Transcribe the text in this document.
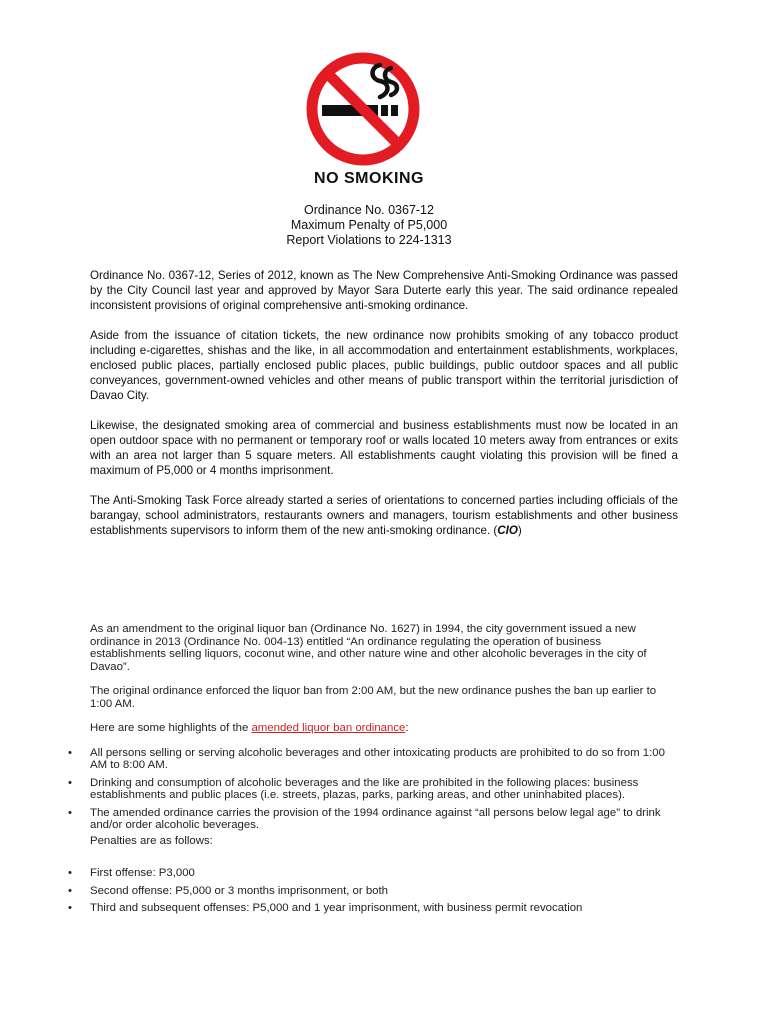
NO SMOKING
Ordinance No. 0367-12
Maximum Penalty of P5,000
Report Violations to 224-1313

Ordinance No. 0367-12, Series of 2012, known as The New Comprehensive Anti-Smoking Ordinance was passed by the City Council last year and approved by Mayor Sara Duterte early this year. The said ordinance repealed inconsistent provisions of original comprehensive anti-smoking ordinance.

Aside from the issuance of citation tickets, the new ordinance now prohibits smoking of any tobacco product including e-cigarettes, shishas and the like, in all accommodation and entertainment establishments, workplaces, enclosed public places, partially enclosed public places, public buildings, public outdoor spaces and all public conveyances, government-owned vehicles and other means of public transport within the territorial jurisdiction of Davao City.

Likewise, the designated smoking area of commercial and business establishments must now be located in an open outdoor space with no permanent or temporary roof or walls located 10 meters away from entrances or exits with an area not larger than 5 square meters. All establishments caught violating this provision will be fined a maximum of P5,000 or 4 months imprisonment.

The Anti-Smoking Task Force already started a series of orientations to concerned parties including officials of the barangay, school administrators, restaurants owners and managers, tourism establishments and other business establishments supervisors to inform them of the new anti-smoking ordinance. (CIO)

As an amendment to the original liquor ban (Ordinance No. 1627) in 1994, the city government issued a new ordinance in 2013 (Ordinance No. 004-13) entitled “An ordinance regulating the operation of business establishments selling liquors, coconut wine, and other nature wine and other alcoholic beverages in the city of Davao”.

The original ordinance enforced the liquor ban from 2:00 AM, but the new ordinance pushes the ban up earlier to 1:00 AM.

Here are some highlights of the amended liquor ban ordinance:

• All persons selling or serving alcoholic beverages and other intoxicating products are prohibited to do so from 1:00 AM to 8:00 AM.
• Drinking and consumption of alcoholic beverages and the like are prohibited in the following places: business establishments and public places (i.e. streets, plazas, parks, parking areas, and other uninhabited places).
• The amended ordinance carries the provision of the 1994 ordinance against “all persons below legal age” to drink and/or order alcoholic beverages.
Penalties are as follows:
• First offense: P3,000
• Second offense: P5,000 or 3 months imprisonment, or both
• Third and subsequent offenses: P5,000 and 1 year imprisonment, with business permit revocation
